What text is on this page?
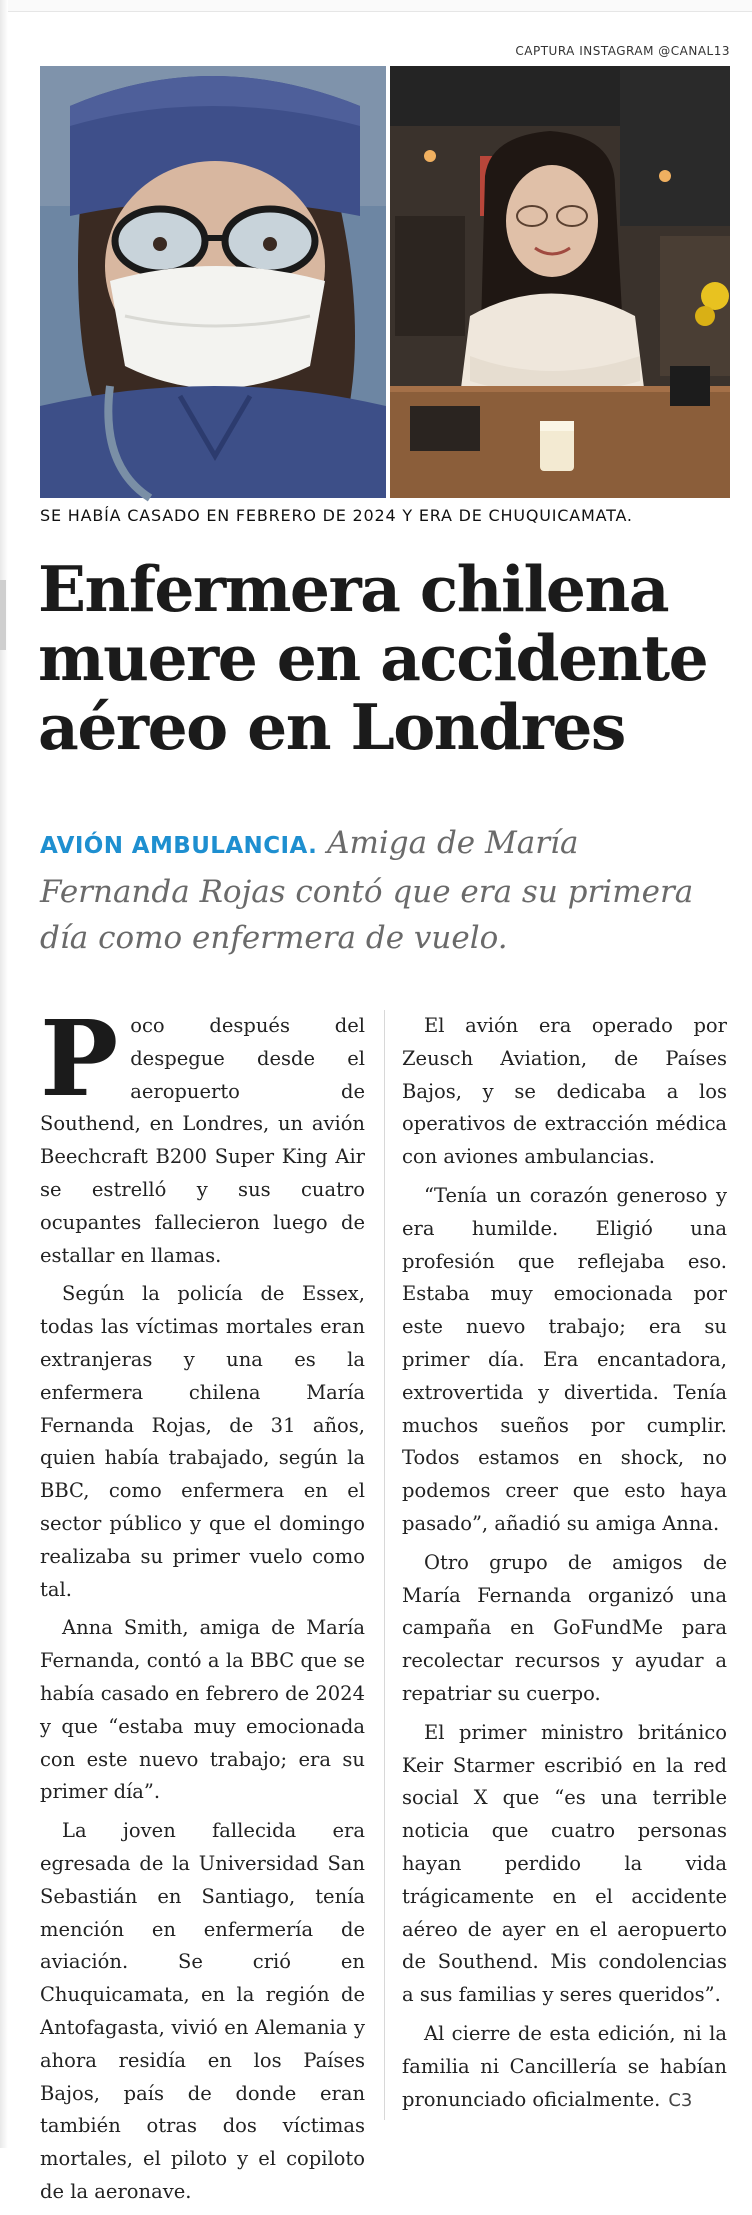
CAPTURA INSTAGRAM @CANAL13
SE HABÍA CASADO EN FEBRERO DE 2024 Y ERA DE CHUQUICAMATA.
Enfermera chilena
muere en accidente
aéreo en Londres
AVIÓN AMBULANCIA. Amiga de María Fernanda Rojas contó que era su primera día como enfermera de vuelo.

Poco después del despegue desde el aeropuerto de Southend, en Londres, un avión Beechcraft B200 Super King Air se estrelló y sus cuatro ocupantes fallecieron luego de estallar en llamas.

Según la policía de Essex, todas las víctimas mortales eran extranjeras y una es la enfermera chilena María Fernanda Rojas, de 31 años, quien había trabajado, según la BBC, como enfermera en el sector público y que el domingo realizaba su primer vuelo como tal.

Anna Smith, amiga de María Fernanda, contó a la BBC que se había casado en febrero de 2024 y que “estaba muy emocionada con este nuevo trabajo; era su primer día”.

La joven fallecida era egresada de la Universidad San Sebastián en Santiago, tenía mención en enfermería de aviación. Se crió en Chuquicamata, en la región de Antofagasta, vivió en Alemania y ahora residía en los Países Bajos, país de donde eran también otras dos víctimas mortales, el piloto y el copiloto de la aeronave.

El avión era operado por Zeusch Aviation, de Países Bajos, y se dedicaba a los operativos de extracción médica con aviones ambulancias.

“Tenía un corazón generoso y era humilde. Eligió una profesión que reflejaba eso. Estaba muy emocionada por este nuevo trabajo; era su primer día. Era encantadora, extrovertida y divertida. Tenía muchos sueños por cumplir. Todos estamos en shock, no podemos creer que esto haya pasado”, añadió su amiga Anna.

Otro grupo de amigos de María Fernanda organizó una campaña en GoFundMe para recolectar recursos y ayudar a repatriar su cuerpo.

El primer ministro británico Keir Starmer escribió en la red social X que “es una terrible noticia que cuatro personas hayan perdido la vida trágicamente en el accidente aéreo de ayer en el aeropuerto de Southend. Mis condolencias a sus familias y seres queridos”.

Al cierre de esta edición, ni la familia ni Cancillería se habían pronunciado oficialmente. C3
